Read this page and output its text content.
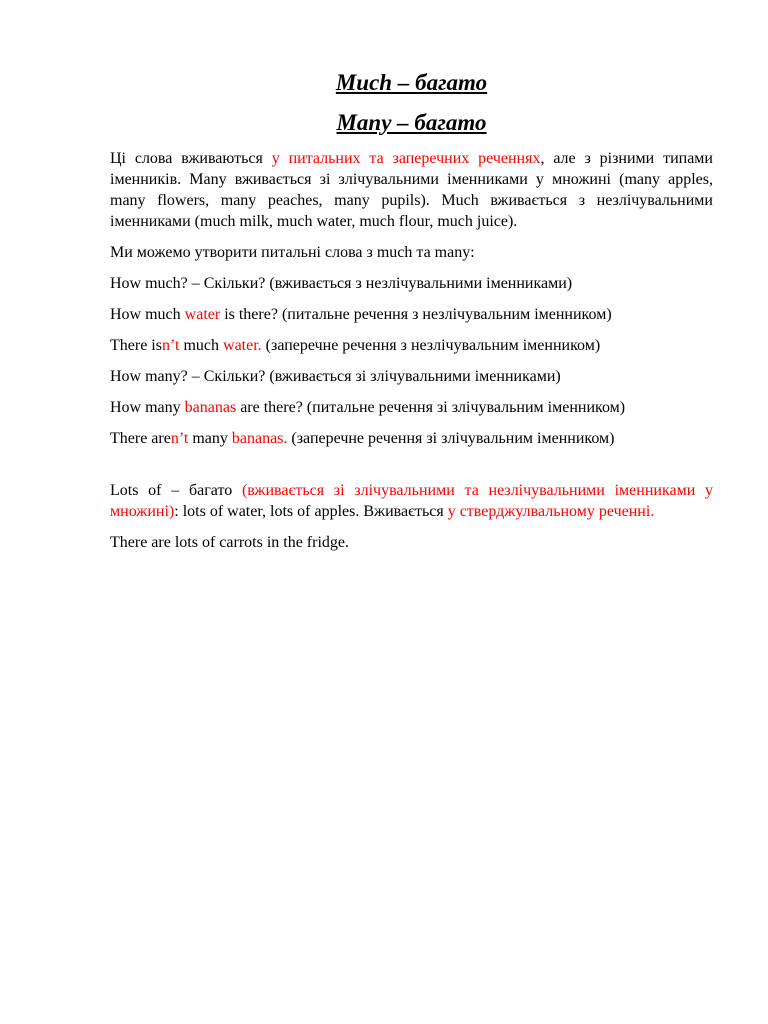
Much – багато
Many – багато

Ці слова вживаються у питальних та заперечних реченнях, але з різними типами іменників. Many вживається зі злічувальними іменниками у множині (many apples, many flowers, many peaches, many pupils). Much вживається з незлічувальними іменниками (much milk, much water, much flour, much juice).

Ми можемо утворити питальні слова з much та many:

How much? – Скільки? (вживається з незлічувальними іменниками)

How much water is there? (питальне речення з незлічувальним іменником)

There isn’t much water. (заперечне речення з незлічувальним іменником)

How many? – Скільки? (вживається зі злічувальними іменниками)

How many bananas are there? (питальне речення зі злічувальним іменником)

There aren’t many bananas. (заперечне речення зі злічувальним іменником)

Lots of – багато (вживається зі злічувальними та незлічувальними іменниками у множині): lots of water, lots of apples. Вживається у стверджулвальному реченні.

There are lots of carrots in the fridge.
